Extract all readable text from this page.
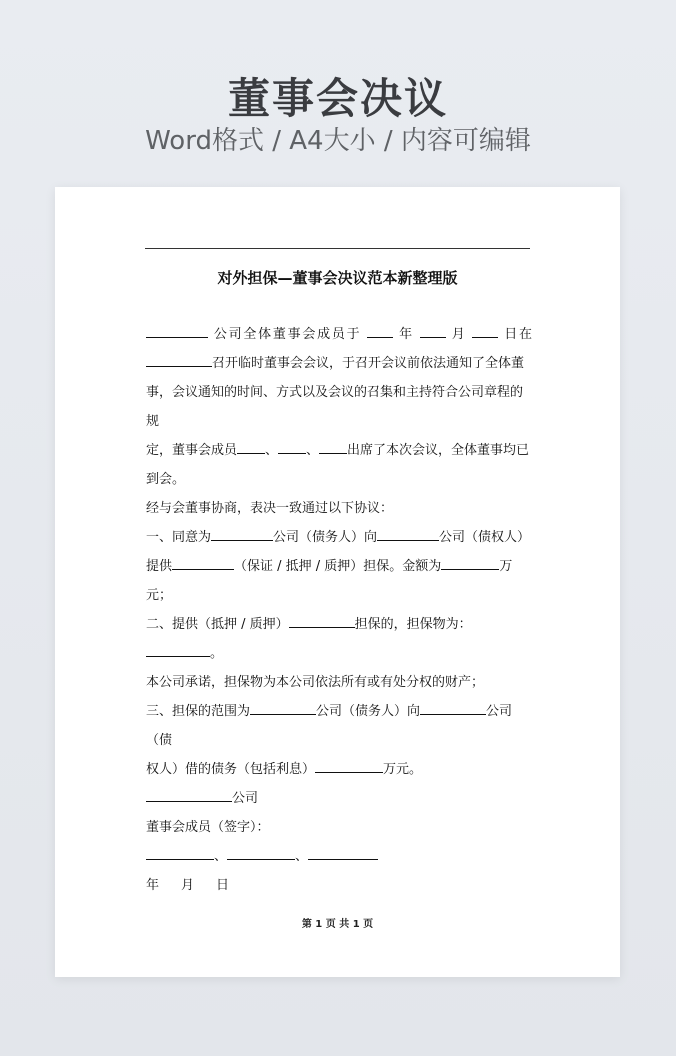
董事会决议
Word格式 / A4大小 / 内容可编辑
对外担保—董事会决议范本新整理版

公司全体董事会成员于	年	月	日在

召开临时董事会会议，于召开会议前依法通知了全体董

事，会议通知的时间、方式以及会议的召集和主持符合公司章程的规

定，董事会成员 、 、 出席了本次会议，全体董事均已

到会。

经与会董事协商，表决一致通过以下协议：

一、同意为	公司（债务人）向	公司（债权人）

提供	（保证 / 抵押 / 质押）担保。金额为	万

元；

二、提供（抵押 / 质押）	担保的，担保物为：。

本公司承诺，担保物为本公司依法所有或有处分权的财产；

三、担保的范围为	公司（债务人）向	公司（债

权人）借的债务（包括利息）	万元。

公司

董事会成员（签字）：

、	、

年 月 日

第 1 页 共 1 页
